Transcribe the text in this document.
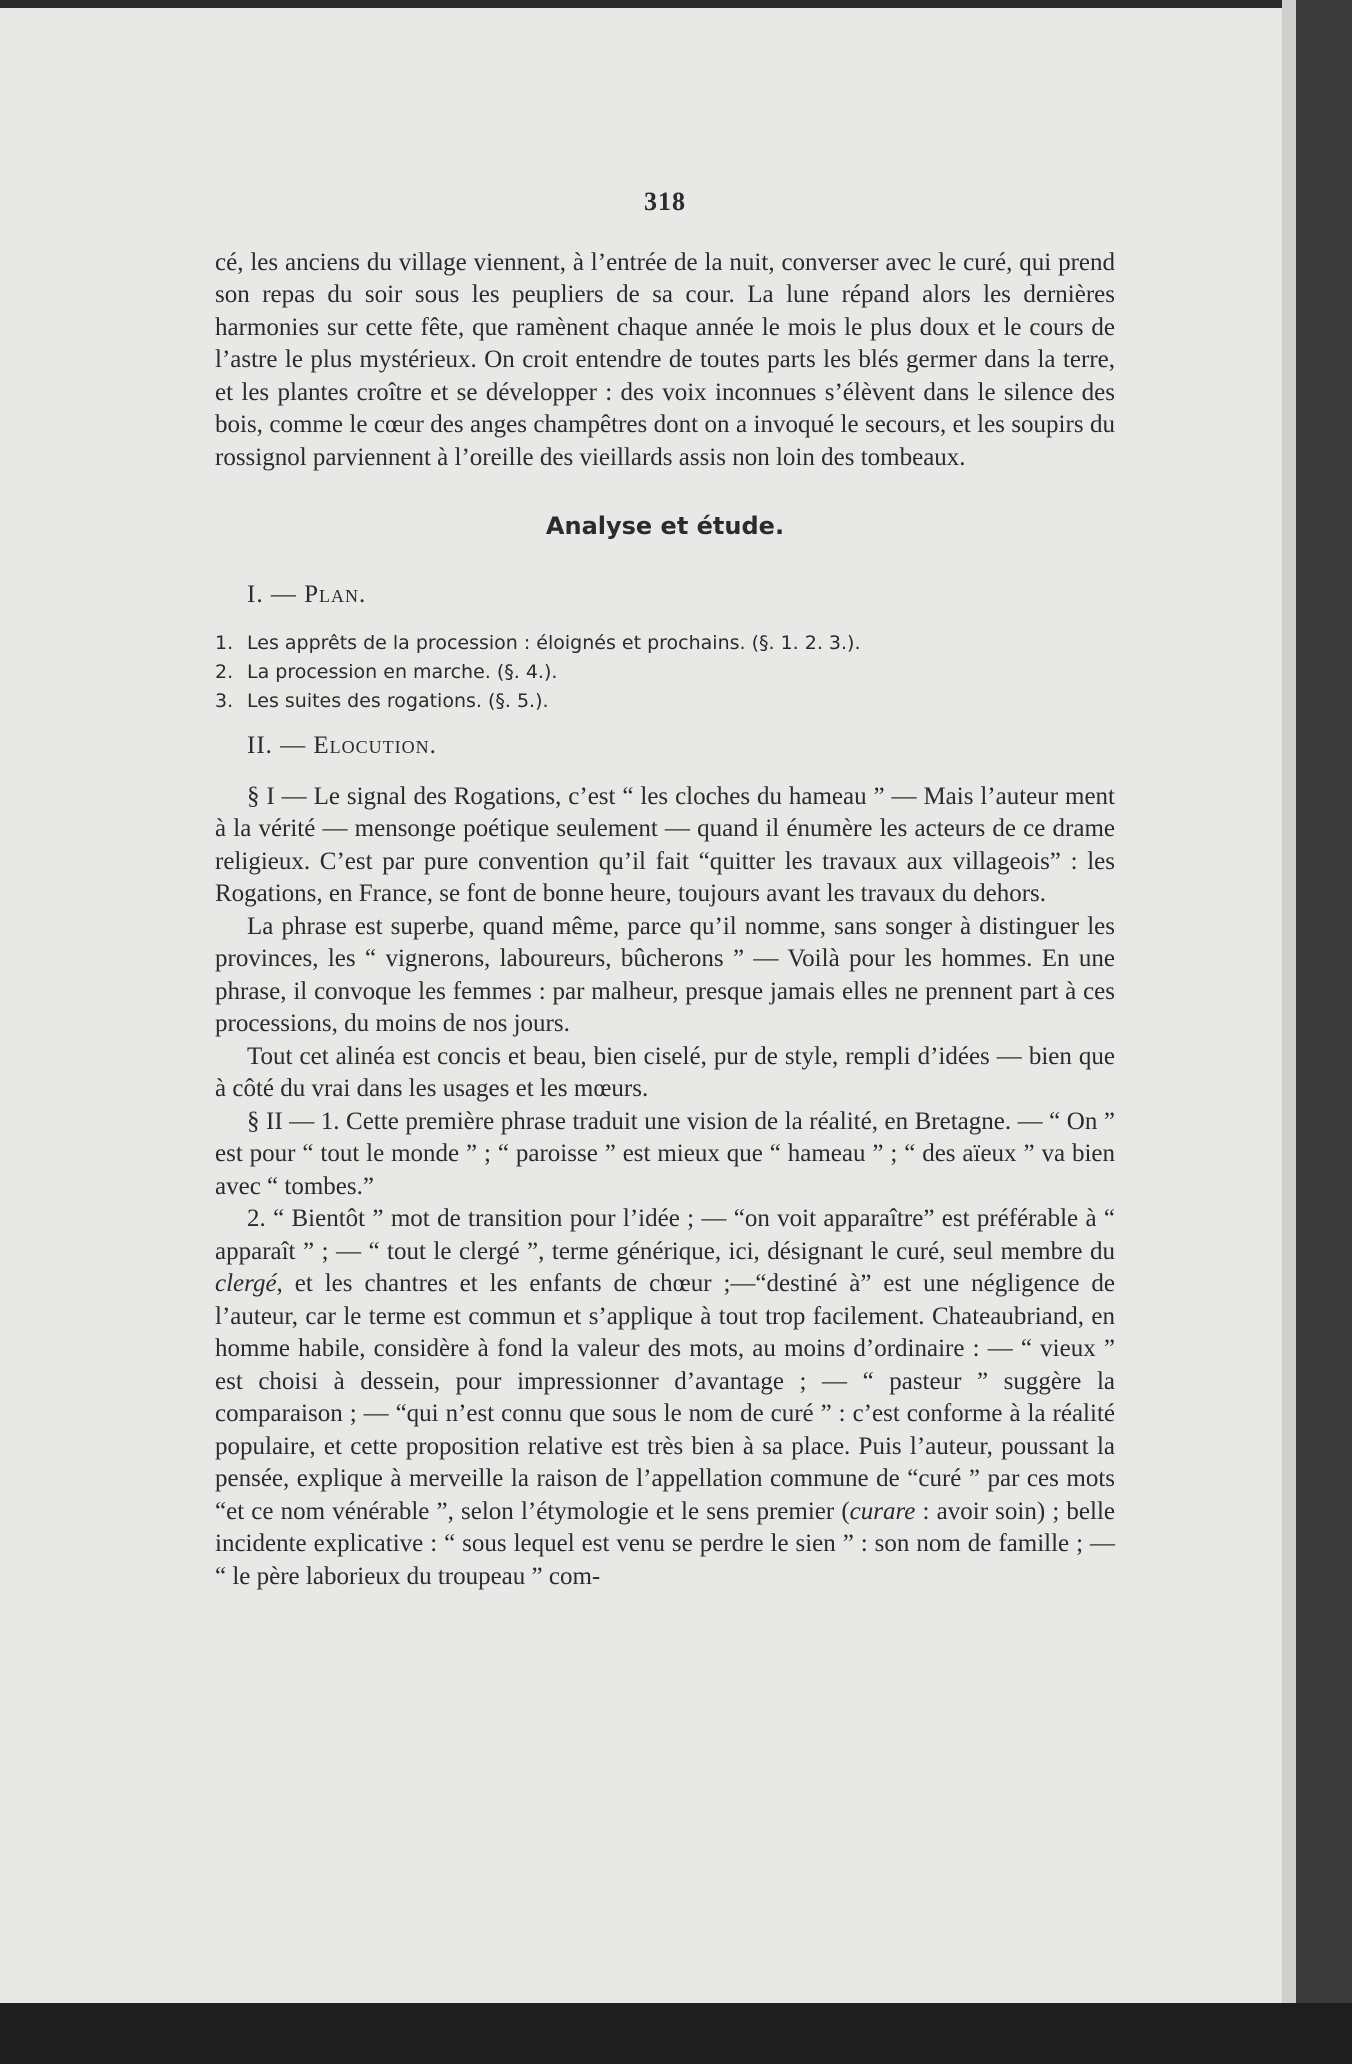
318

cé, les anciens du village viennent, à l’entrée de la nuit, converser avec le curé, qui prend son repas du soir sous les peupliers de sa cour. La lune répand alors les dernières harmonies sur cette fête, que ramènent chaque année le mois le plus doux et le cours de l’astre le plus mystérieux. On croit entendre de toutes parts les blés germer dans la terre, et les plantes croître et se développer : des voix inconnues s’élèvent dans le silence des bois, comme le cœur des anges champêtres dont on a invoqué le secours, et les soupirs du rossignol parviennent à l’oreille des vieillards assis non loin des tombeaux.

Analyse et étude.
I. — Plan.
1. Les apprêts de la procession : éloignés et prochains. (§. 1. 2. 3.).
2. La procession en marche. (§. 4.).
3. Les suites des rogations. (§. 5.).
II. — Elocution.

§ I — Le signal des Rogations, c’est “ les cloches du hameau ” — Mais l’auteur ment à la vérité — mensonge poétique seulement — quand il énumère les acteurs de ce drame religieux. C’est par pure convention qu’il fait “quitter les travaux aux villageois” : les Rogations, en France, se font de bonne heure, toujours avant les travaux du dehors.

La phrase est superbe, quand même, parce qu’il nomme, sans songer à distinguer les provinces, les “ vignerons, laboureurs, bûcherons ” — Voilà pour les hommes. En une phrase, il convoque les femmes : par malheur, presque jamais elles ne prennent part à ces processions, du moins de nos jours.

Tout cet alinéa est concis et beau, bien ciselé, pur de style, rempli d’idées — bien que à côté du vrai dans les usages et les mœurs.

§ II — 1. Cette première phrase traduit une vision de la réalité, en Bretagne. — “ On ” est pour “ tout le monde ” ; “ paroisse ” est mieux que “ hameau ” ; “ des aïeux ” va bien avec “ tombes.”

2. “ Bientôt ” mot de transition pour l’idée ; — “on voit apparaître” est préférable à “ apparaît ” ; — “ tout le clergé ”, terme générique, ici, désignant le curé, seul membre du clergé, et les chantres et les enfants de chœur ;—“destiné à” est une négligence de l’auteur, car le terme est commun et s’applique à tout trop facilement. Chateaubriand, en homme habile, considère à fond la valeur des mots, au moins d’ordinaire : — “ vieux ” est choisi à dessein, pour impressionner d’avantage ; — “ pasteur ” suggère la comparaison ; — “qui n’est connu que sous le nom de curé ” : c’est conforme à la réalité populaire, et cette proposition relative est très bien à sa place. Puis l’auteur, poussant la pensée, explique à merveille la raison de l’appellation commune de “curé ” par ces mots “et ce nom vénérable ”, selon l’étymologie et le sens premier (curare : avoir soin) ; belle incidente explicative : “ sous lequel est venu se perdre le sien ” : son nom de famille ; — “ le père laborieux du troupeau ” com-
